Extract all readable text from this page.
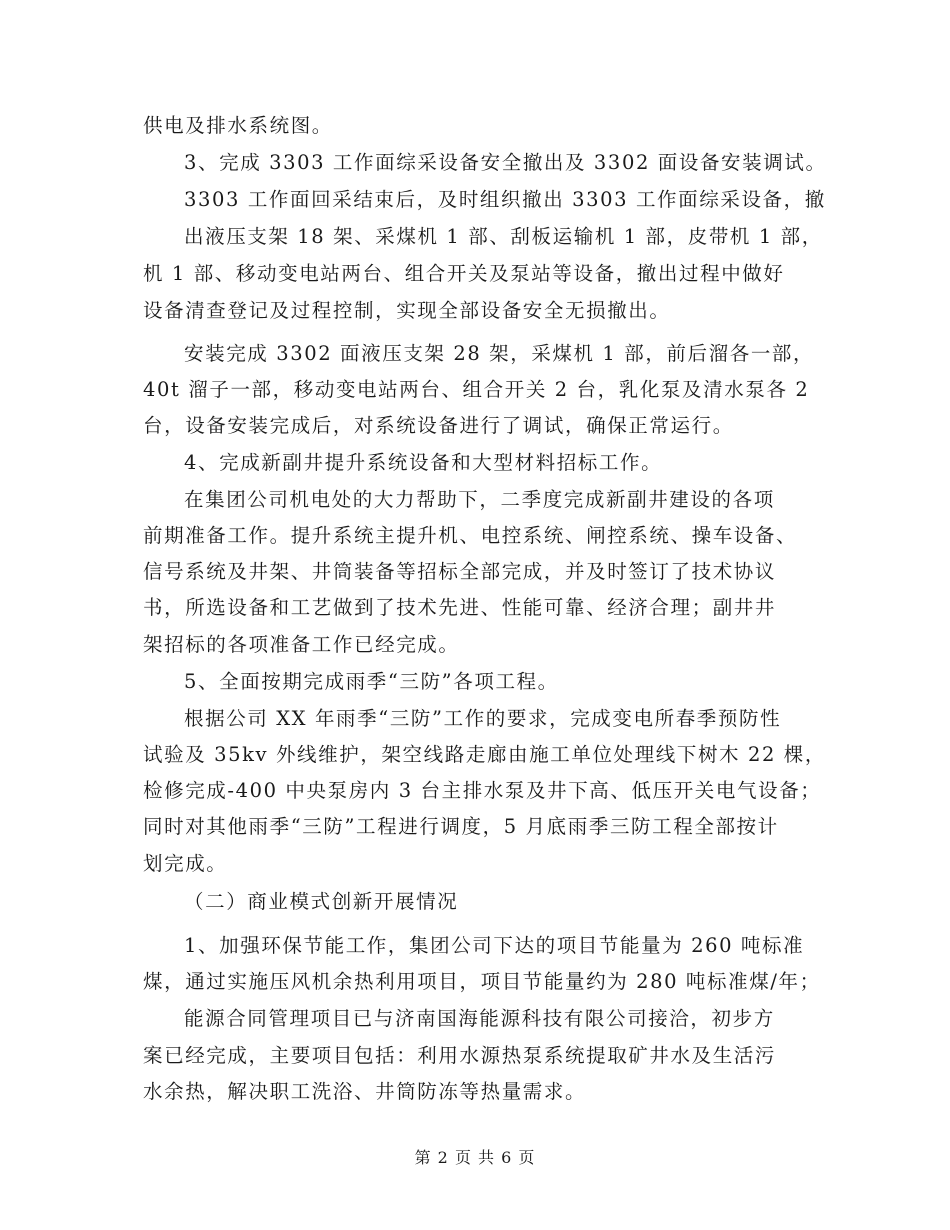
供电及排水系统图。
3、完成 3303 工作面综采设备安全撤出及 3302 面设备安装调试。
3303 工作面回采结束后，及时组织撤出 3303 工作面综采设备，撤
出液压支架 18 架、采煤机 1 部、刮板运输机 1 部，皮带机 1 部，
机 1 部、移动变电站两台、组合开关及泵站等设备，撤出过程中做好
设备清查登记及过程控制，实现全部设备安全无损撤出。
安装完成 3302 面液压支架 28 架，采煤机 1 部，前后溜各一部，
40t 溜子一部，移动变电站两台、组合开关 2 台，乳化泵及清水泵各 2
台，设备安装完成后，对系统设备进行了调试，确保正常运行。
4、完成新副井提升系统设备和大型材料招标工作。
在集团公司机电处的大力帮助下，二季度完成新副井建设的各项
前期准备工作。提升系统主提升机、电控系统、闸控系统、操车设备、
信号系统及井架、井筒装备等招标全部完成，并及时签订了技术协议
书，所选设备和工艺做到了技术先进、性能可靠、经济合理；副井井
架招标的各项准备工作已经完成。
5、全面按期完成雨季“三防”各项工程。
根据公司 XX 年雨季“三防”工作的要求，完成变电所春季预防性
试验及 35kv 外线维护，架空线路走廊由施工单位处理线下树木 22 棵，
检修完成-400 中央泵房内 3 台主排水泵及井下高、低压开关电气设备；
同时对其他雨季“三防”工程进行调度，5 月底雨季三防工程全部按计
划完成。
（二）商业模式创新开展情况
1、加强环保节能工作，集团公司下达的项目节能量为 260 吨标准
煤，通过实施压风机余热利用项目，项目节能量约为 280 吨标准煤/年；
能源合同管理项目已与济南国海能源科技有限公司接洽，初步方
案已经完成，主要项目包括：利用水源热泵系统提取矿井水及生活污
水余热，解决职工洗浴、井筒防冻等热量需求。
第 2 页 共 6 页
